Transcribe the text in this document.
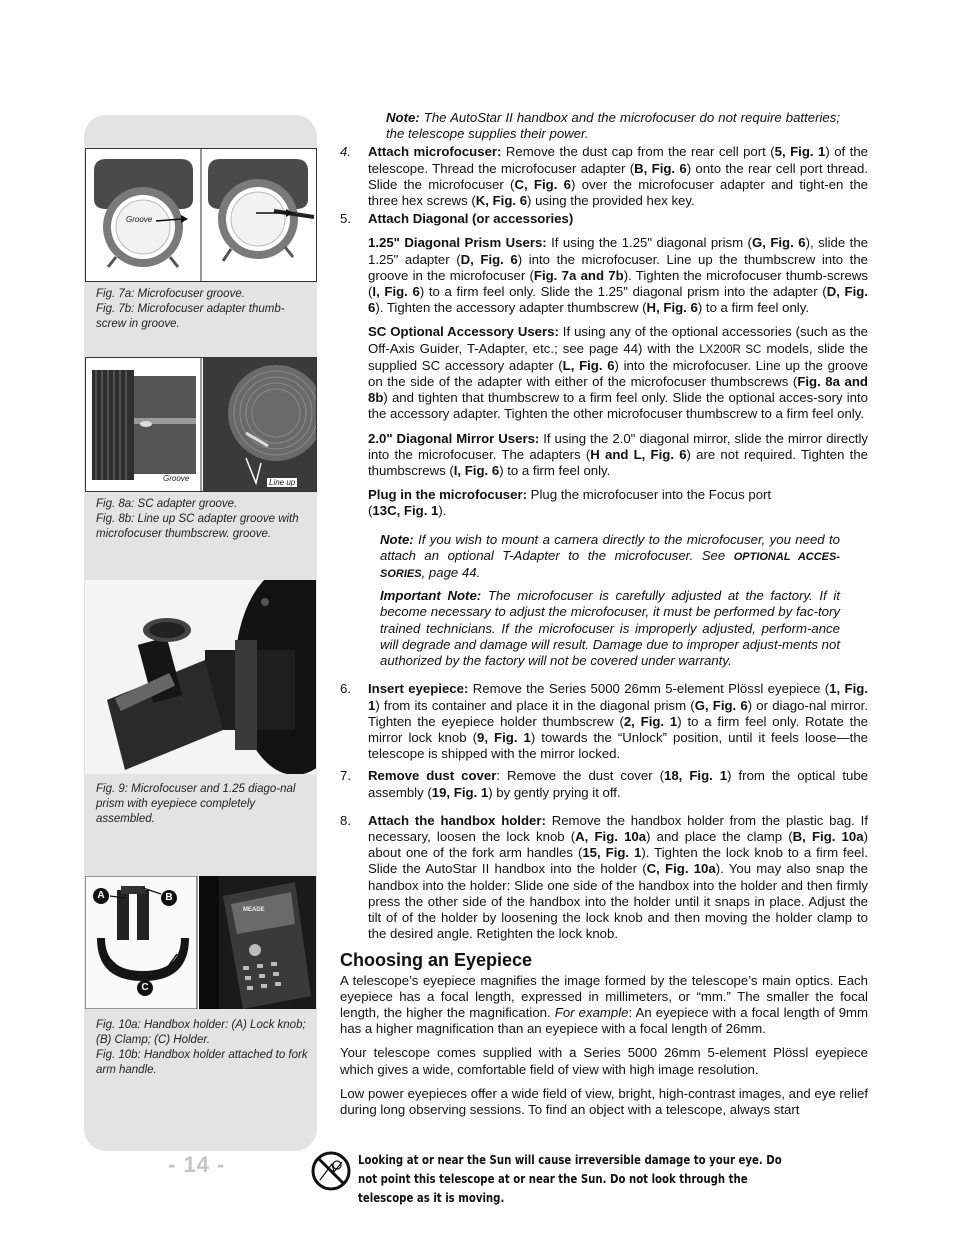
Groove
Fig. 7a: Microfocuser groove.
Fig. 7b: Microfocuser adapter thumb-screw in groove.
Groove	Line up
Fig. 8a: SC adapter groove.
Fig. 8b: Line up SC adapter groove with microfocuser thumbscrew. groove.
Fig. 9: Microfocuser and 1.25 diago-nal prism with eyepiece completely assembled.
A	B
C
MEADE
Fig. 10a: Handbox holder: (A) Lock knob; (B) Clamp; (C) Holder.
Fig. 10b: Handbox holder attached to fork arm handle.
- 14 -
Note: The AutoStar II handbox and the microfocuser do not require batteries; the telescope supplies their power.
4.	Attach microfocuser: Remove the dust cap from the rear cell port (5, Fig. 1) of the telescope. Thread the microfocuser adapter (B, Fig. 6) onto the rear cell port thread. Slide the microfocuser (C, Fig. 6) over the microfocuser adapter and tight-en the three hex screws (K, Fig. 6) using the provided hex key.
5.	Attach Diagonal (or accessories)
1.25" Diagonal Prism Users: If using the 1.25" diagonal prism (G, Fig. 6), slide the 1.25" adapter (D, Fig. 6) into the microfocuser. Line up the thumbscrew into the groove in the microfocuser (Fig. 7a and 7b). Tighten the microfocuser thumb-screws (I, Fig. 6) to a firm feel only. Slide the 1.25" diagonal prism into the adapter (D, Fig. 6). Tighten the accessory adapter thumbscrew (H, Fig. 6) to a firm feel only.
SC Optional Accessory Users: If using any of the optional accessories (such as the Off-Axis Guider, T-Adapter, etc.; see page 44) with the LX200R SC models, slide the supplied SC accessory adapter (L, Fig. 6) into the microfocuser. Line up the groove on the side of the adapter with either of the microfocuser thumbscrews (Fig. 8a and 8b) and tighten that thumbscrew to a firm feel only. Slide the optional acces-sory into the accessory adapter. Tighten the other microfocuser thumbscrew to a firm feel only.
2.0" Diagonal Mirror Users: If using the 2.0" diagonal mirror, slide the mirror directly into the microfocuser. The adapters (H and L, Fig. 6) are not required. Tighten the thumbscrews (I, Fig. 6) to a firm feel only.
Plug in the microfocuser: Plug the microfocuser into the Focus port
(13C, Fig. 1).
Note: If you wish to mount a camera directly to the microfocuser, you need to attach an optional T-Adapter to the microfocuser. See OPTIONAL ACCES-SORIES, page 44.
Important Note: The microfocuser is carefully adjusted at the factory. If it become necessary to adjust the microfocuser, it must be performed by fac-tory trained technicians. If the microfocuser is improperly adjusted, perform-ance will degrade and damage will result. Damage due to improper adjust-ments not authorized by the factory will not be covered under warranty.
6.	Insert eyepiece: Remove the Series 5000 26mm 5-element Plössl eyepiece (1, Fig. 1) from its container and place it in the diagonal prism (G, Fig. 6) or diago-nal mirror. Tighten the eyepiece holder thumbscrew (2, Fig. 1) to a firm feel only. Rotate the mirror lock knob (9, Fig. 1) towards the “Unlock” position, until it feels loose—the telescope is shipped with the mirror locked.
7.	Remove dust cover: Remove the dust cover (18, Fig. 1) from the optical tube assembly (19, Fig. 1) by gently prying it off.
8.	Attach the handbox holder: Remove the handbox holder from the plastic bag. If necessary, loosen the lock knob (A, Fig. 10a) and place the clamp (B, Fig. 10a) about one of the fork arm handles (15, Fig. 1). Tighten the lock knob to a firm feel. Slide the AutoStar II handbox into the holder (C, Fig. 10a). You may also snap the handbox into the holder: Slide one side of the handbox into the holder and then firmly press the other side of the handbox into the holder until it snaps in place. Adjust the tilt of of the holder by loosening the lock knob and then moving the holder clamp to the desired angle. Retighten the lock knob.
Choosing an Eyepiece
A telescope’s eyepiece magnifies the image formed by the telescope’s main optics. Each eyepiece has a focal length, expressed in millimeters, or “mm.” The smaller the focal length, the higher the magnification. For example: An eyepiece with a focal length of 9mm has a higher magnification than an eyepiece with a focal length of 26mm.
Your telescope comes supplied with a Series 5000 26mm 5-element Plössl eyepiece which gives a wide, comfortable field of view with high image resolution.
Low power eyepieces offer a wide field of view, bright, high-contrast images, and eye relief during long observing sessions. To find an object with a telescope, always start
Looking at or near the Sun will cause irreversible damage to your eye. Do not point this telescope at or near the Sun. Do not look through the telescope as it is moving.
